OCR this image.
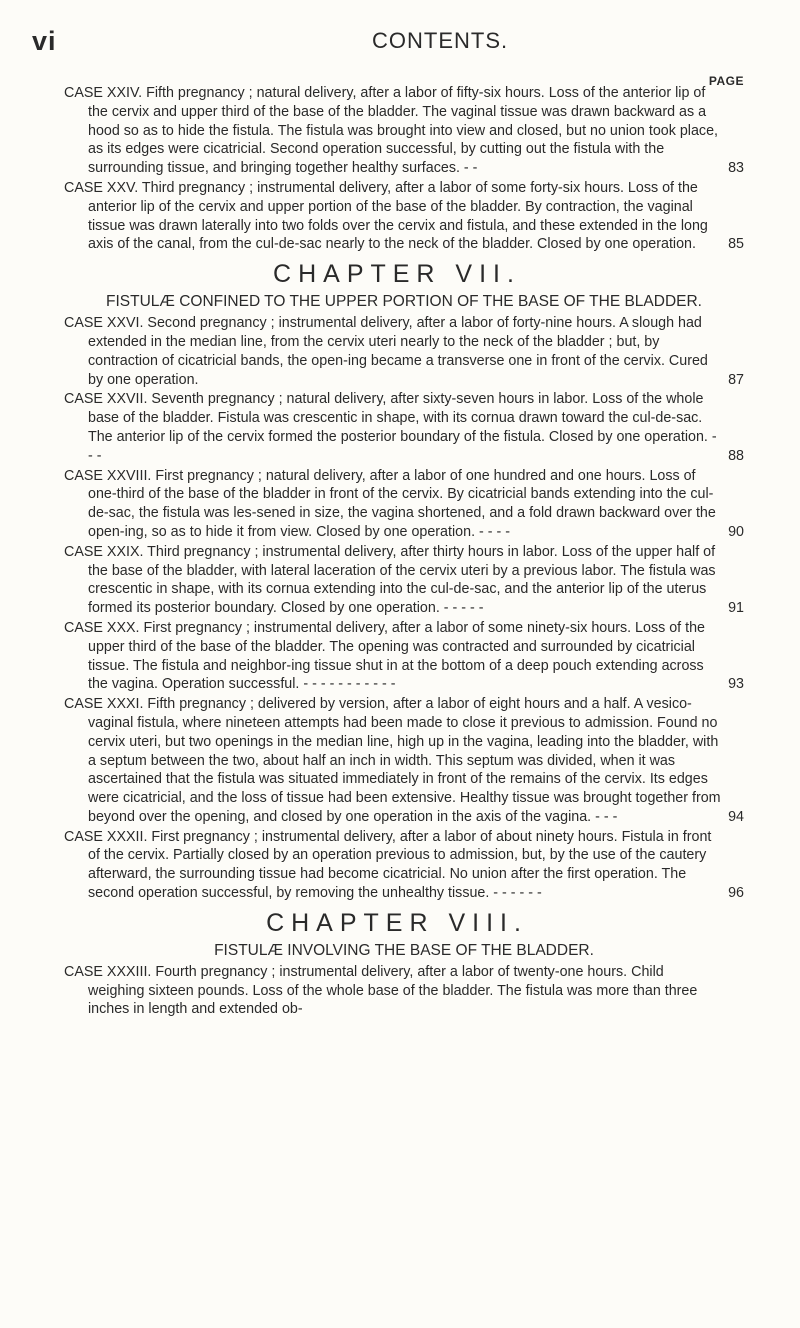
vi	CONTENTS.
PAGE

CASE XXIV. Fifth pregnancy ; natural delivery, after a labor of fifty-six hours. Loss of the anterior lip of the cervix and upper third of the base of the bladder. The vaginal tissue was drawn backward as a hood so as to hide the fistula. The fistula was brought into view and closed, but no union took place, as its edges were cicatricial. Second operation successful, by cutting out the fistula with the surrounding tissue, and bringing together healthy surfaces. - -	83

CASE XXV. Third pregnancy ; instrumental delivery, after a labor of some forty-six hours. Loss of the anterior lip of the cervix and upper portion of the base of the bladder. By contraction, the vaginal tissue was drawn laterally into two folds over the cervix and fistula, and these extended in the long axis of the canal, from the cul-de-sac nearly to the neck of the bladder. Closed by one operation. 85

CHAPTER VII.
FISTULÆ CONFINED TO THE UPPER PORTION OF THE BASE OF THE BLADDER.

CASE XXVI. Second pregnancy ; instrumental delivery, after a labor of forty-nine hours. A slough had extended in the median line, from the cervix uteri nearly to the neck of the bladder ; but, by contraction of cicatricial bands, the open-ing became a transverse one in front of the cervix. Cured by one operation.	87

CASE XXVII. Seventh pregnancy ; natural delivery, after sixty-seven hours in labor. Loss of the whole base of the bladder. Fistula was crescentic in shape, with its cornua drawn toward the cul-de-sac. The anterior lip of the cervix formed the posterior boundary of the fistula. Closed by one operation. - - -	88

CASE XXVIII. First pregnancy ; natural delivery, after a labor of one hundred and one hours. Loss of one-third of the base of the bladder in front of the cervix. By cicatricial bands extending into the cul-de-sac, the fistula was les-sened in size, the vagina shortened, and a fold drawn backward over the open-ing, so as to hide it from view. Closed by one operation. - - - -	90

CASE XXIX. Third pregnancy ; instrumental delivery, after thirty hours in labor. Loss of the upper half of the base of the bladder, with lateral laceration of the cervix uteri by a previous labor. The fistula was crescentic in shape, with its cornua extending into the cul-de-sac, and the anterior lip of the uterus formed its posterior boundary. Closed by one operation. - - - - -	91

CASE XXX. First pregnancy ; instrumental delivery, after a labor of some ninety-six hours. Loss of the upper third of the base of the bladder. The opening was contracted and surrounded by cicatricial tissue. The fistula and neighbor-ing tissue shut in at the bottom of a deep pouch extending across the vagina. Operation successful. - - - - - - - - - - -	93

CASE XXXI. Fifth pregnancy ; delivered by version, after a labor of eight hours and a half. A vesico-vaginal fistula, where nineteen attempts had been made to close it previous to admission. Found no cervix uteri, but two openings in the median line, high up in the vagina, leading into the bladder, with a septum between the two, about half an inch in width. This septum was divided, when it was ascertained that the fistula was situated immediately in front of the remains of the cervix. Its edges were cicatricial, and the loss of tissue had been extensive. Healthy tissue was brought together from beyond over the opening, and closed by one operation in the axis of the vagina. - - -	94

CASE XXXII. First pregnancy ; instrumental delivery, after a labor of about ninety hours. Fistula in front of the cervix. Partially closed by an operation previous to admission, but, by the use of the cautery afterward, the surrounding tissue had become cicatricial. No union after the first operation. The second operation successful, by removing the unhealthy tissue. - - - - - -	96

CHAPTER VIII.
FISTULÆ INVOLVING THE BASE OF THE BLADDER.

CASE XXXIII. Fourth pregnancy ; instrumental delivery, after a labor of twenty-one hours. Child weighing sixteen pounds. Loss of the whole base of the bladder. The fistula was more than three inches in length and extended ob-
